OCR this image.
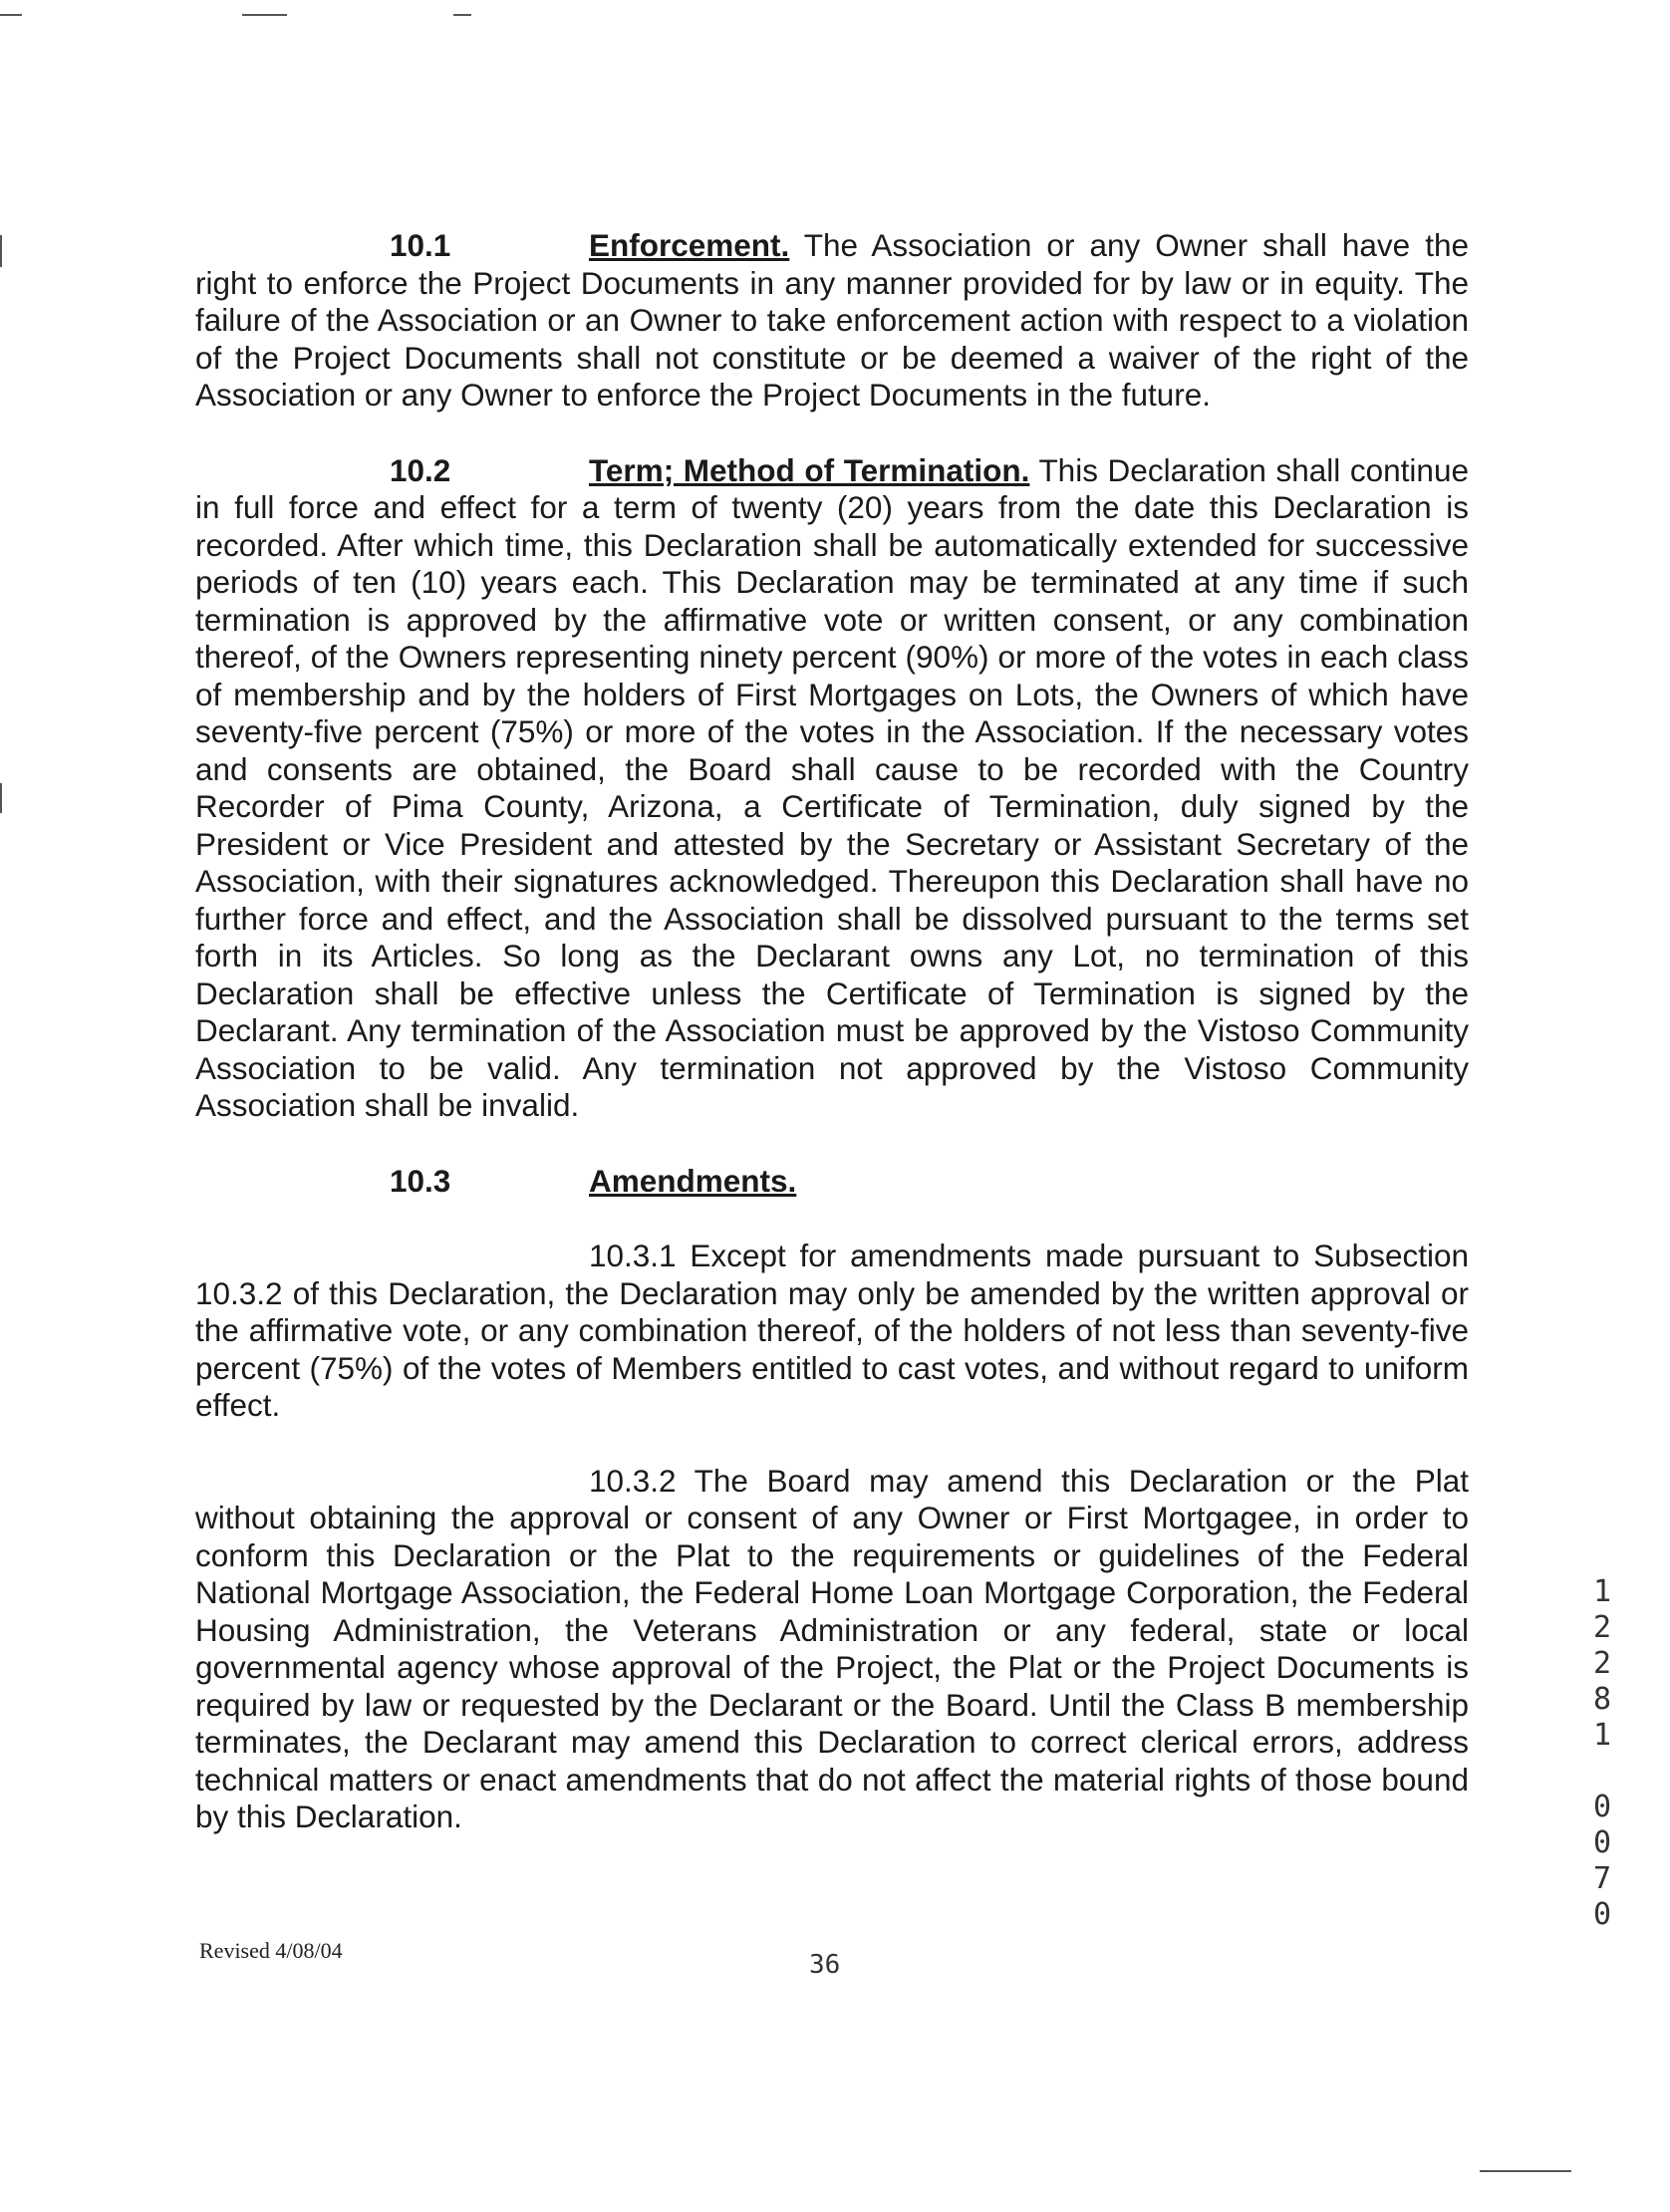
10.1	Enforcement. The Association or any Owner shall have the right to enforce the Project Documents in any manner provided for by law or in equity. The failure of the Association or an Owner to take enforcement action with respect to a violation of the Project Documents shall not constitute or be deemed a waiver of the right of the Association or any Owner to enforce the Project Documents in the future.

10.2	Term; Method of Termination. This Declaration shall continue in full force and effect for a term of twenty (20) years from the date this Declaration is recorded. After which time, this Declaration shall be automatically extended for successive periods of ten (10) years each. This Declaration may be terminated at any time if such termination is approved by the affirmative vote or written consent, or any combination thereof, of the Owners representing ninety percent (90%) or more of the votes in each class of membership and by the holders of First Mortgages on Lots, the Owners of which have seventy-five percent (75%) or more of the votes in the Association. If the necessary votes and consents are obtained, the Board shall cause to be recorded with the Country Recorder of Pima County, Arizona, a Certificate of Termination, duly signed by the President or Vice President and attested by the Secretary or Assistant Secretary of the Association, with their signatures acknowledged. Thereupon this Declaration shall have no further force and effect, and the Association shall be dissolved pursuant to the terms set forth in its Articles. So long as the Declarant owns any Lot, no termination of this Declaration shall be effective unless the Certificate of Termination is signed by the Declarant. Any termination of the Association must be approved by the Vistoso Community Association to be valid. Any termination not approved by the Vistoso Community Association shall be invalid.

10.3	Amendments.

10.3.1 Except for amendments made pursuant to Subsection 10.3.2 of this Declaration, the Declaration may only be amended by the written approval or the affirmative vote, or any combination thereof, of the holders of not less than seventy-five percent (75%) of the votes of Members entitled to cast votes, and without regard to uniform effect.

10.3.2 The Board may amend this Declaration or the Plat without obtaining the approval or consent of any Owner or First Mortgagee, in order to conform this Declaration or the Plat to the requirements or guidelines of the Federal National Mortgage Association, the Federal Home Loan Mortgage Corporation, the Federal Housing Administration, the Veterans Administration or any federal, state or local governmental agency whose approval of the Project, the Plat or the Project Documents is required by law or requested by the Declarant or the Board. Until the Class B membership terminates, the Declarant may amend this Declaration to correct clerical errors, address technical matters or enact amendments that do not affect the material rights of those bound by this Declaration.

Revised 4/08/04	36
1
2
2
8
1

0
0
7
0
